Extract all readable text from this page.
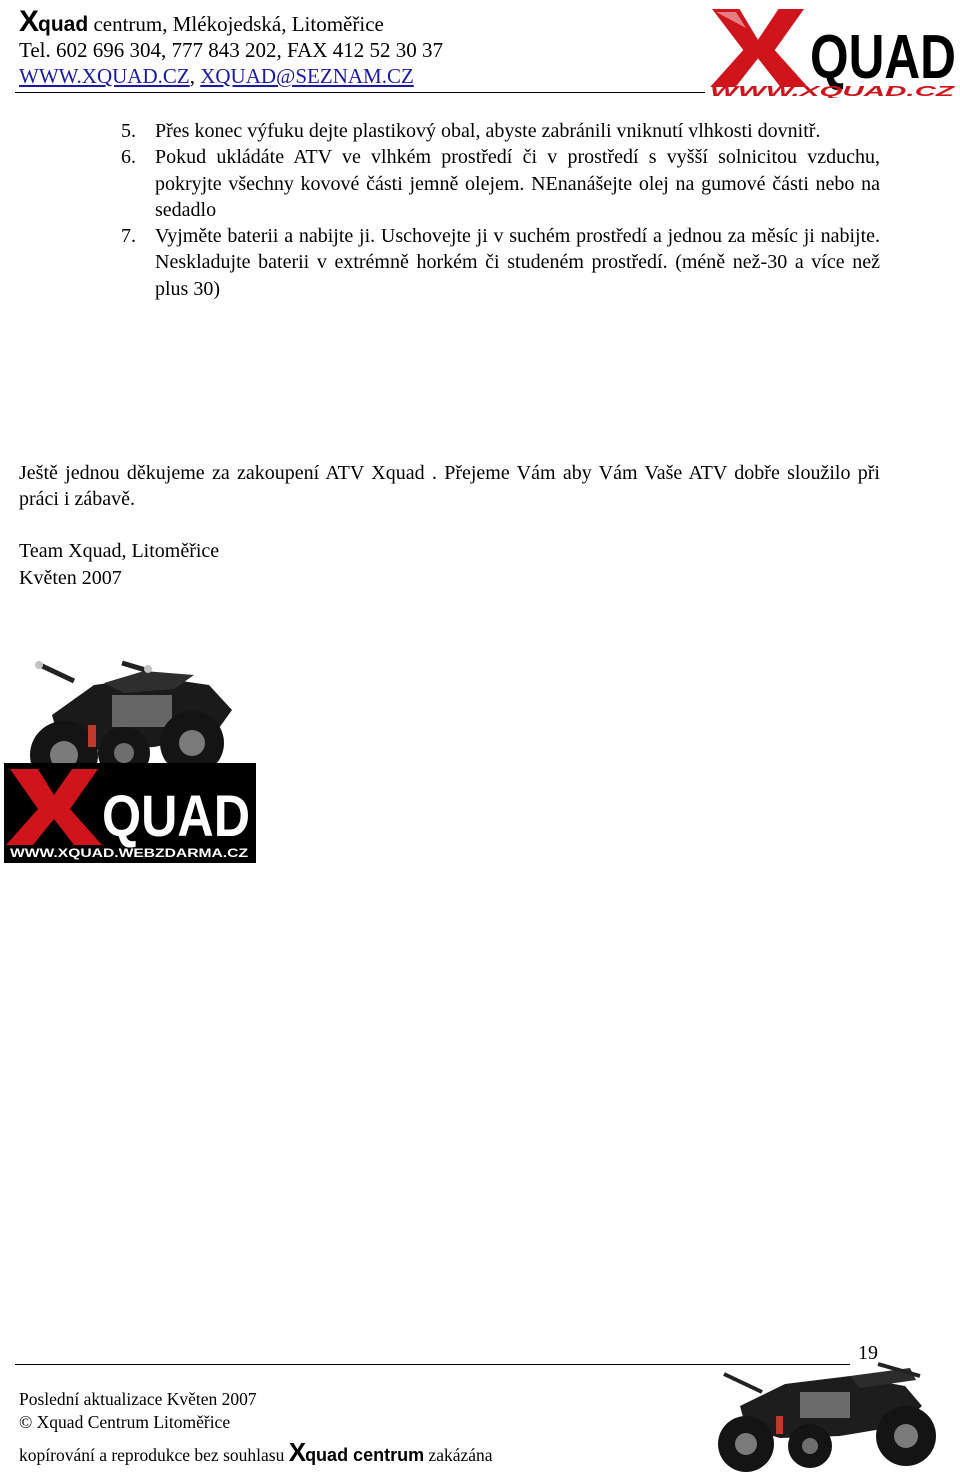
Xquad centrum, Mlékojedská, Litoměřice
Tel. 602 696 304, 777 843 202, FAX 412 52 30 37
WWW.XQUAD.CZ, XQUAD@SEZNAM.CZ	QUAD
WWW.XQUAD.CZ
5. Přes konec výfuku dejte plastikový obal, abyste zabránili vniknutí vlhkosti dovnitř.
6. Pokud ukládáte ATV ve vlhkém prostředí či v prostředí s vyšší solnicitou vzduchu, pokryjte všechny kovové části jemně olejem. NEnanášejte olej na gumové části nebo na sedadlo
7. Vyjměte baterii a nabijte ji. Uschovejte ji v suchém prostředí a jednou za měsíc ji nabijte. Neskladujte baterii v extrémně horkém či studeném prostředí. (méně než-30 a více než plus 30)
Ještě jednou děkujeme za zakoupení ATV Xquad . Přejeme Vám aby Vám Vaše ATV dobře sloužilo při práci i zábavě.
Team Xquad, Litoměřice
Květen 2007
QUAD
WWW.XQUAD.WEBZDARMA.CZ
19
Poslední aktualizace Květen 2007
© Xquad Centrum Litoměřice
kopírování a reprodukce bez souhlasu Xquad centrum zakázána
